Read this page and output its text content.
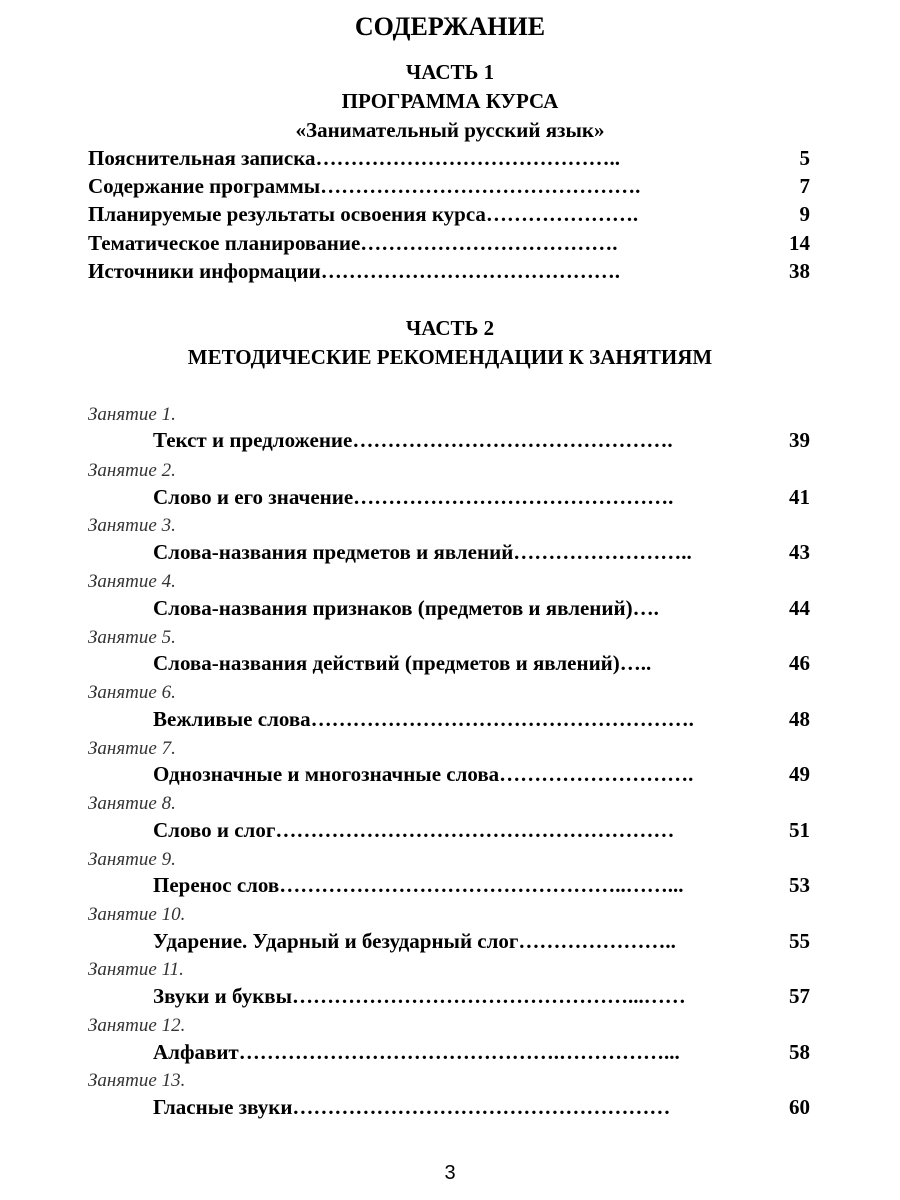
СОДЕРЖАНИЕ
ЧАСТЬ 1
ПРОГРАММА КУРСА
«Занимательный русский язык»
Пояснительная записка……………………………………..	5
Содержание программы……………………………………….	7
Планируемые результаты освоения курса………………….	9
Тематическое планирование……………………………….	14
Источники информации…………………………………….	38
ЧАСТЬ 2
МЕТОДИЧЕСКИЕ РЕКОМЕНДАЦИИ К ЗАНЯТИЯМ
Занятие 1.
Текст и предложение……………………………………….	39
Занятие 2.
Слово и его значение……………………………………….	41
Занятие 3.
Слова-названия предметов и явлений……………………..	43
Занятие 4.
Слова-названия признаков (предметов и явлений)….	44
Занятие 5.
Слова-названия действий (предметов и явлений)…..	46
Занятие 6.
Вежливые слова……………………………………………….	48
Занятие 7.
Однозначные и многозначные слова……………………….	49
Занятие 8.
Слово и слог…………………………………………………	51
Занятие 9.
Перенос слов…………………………………………..……...	53
Занятие 10.
Ударение. Ударный и безударный слог…………………..	55
Занятие 11.
Звуки и буквы…………………………………………...……	57
Занятие 12.
Алфавит……………………………………….……………...	58
Занятие 13.
Гласные звуки………………………………………………	60
3
